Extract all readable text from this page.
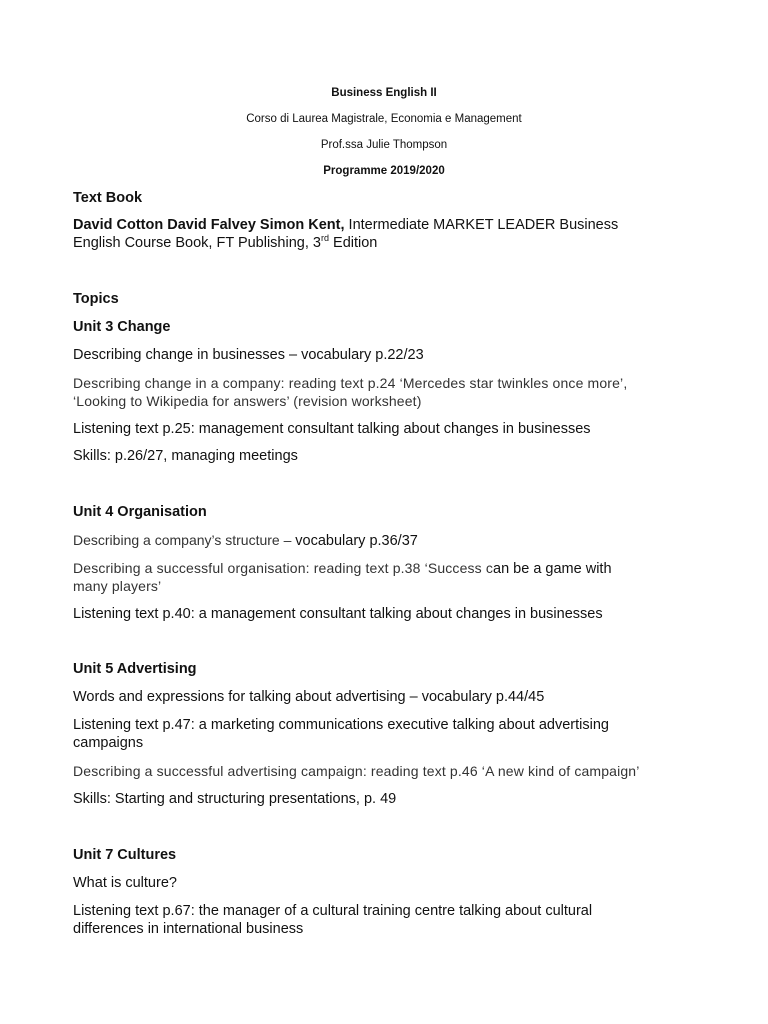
Business English II
Corso di Laurea Magistrale, Economia e Management
Prof.ssa Julie Thompson
Programme 2019/2020
Text Book
David Cotton David Falvey Simon Kent, Intermediate MARKET LEADER Business
English Course Book, FT Publishing, 3rd Edition
Topics
Unit 3 Change
Describing change in businesses – vocabulary p.22/23
Describing change in a company: reading text p.24 ‘Mercedes star twinkles once more’,
‘Looking to Wikipedia for answers’ (revision worksheet)
Listening text p.25: management consultant talking about changes in businesses
Skills: p.26/27, managing meetings
Unit 4 Organisation
Describing a company’s structure – vocabulary p.36/37
Describing a successful organisation: reading text p.38 ‘Success can be a game with
many players’
Listening text p.40: a management consultant talking about changes in businesses
Unit 5 Advertising
Words and expressions for talking about advertising – vocabulary p.44/45
Listening text p.47: a marketing communications executive talking about advertising
campaigns
Describing a successful advertising campaign: reading text p.46 ‘A new kind of campaign’
Skills: Starting and structuring presentations, p. 49
Unit 7 Cultures
What is culture?
Listening text p.67: the manager of a cultural training centre talking about cultural
differences in international business
